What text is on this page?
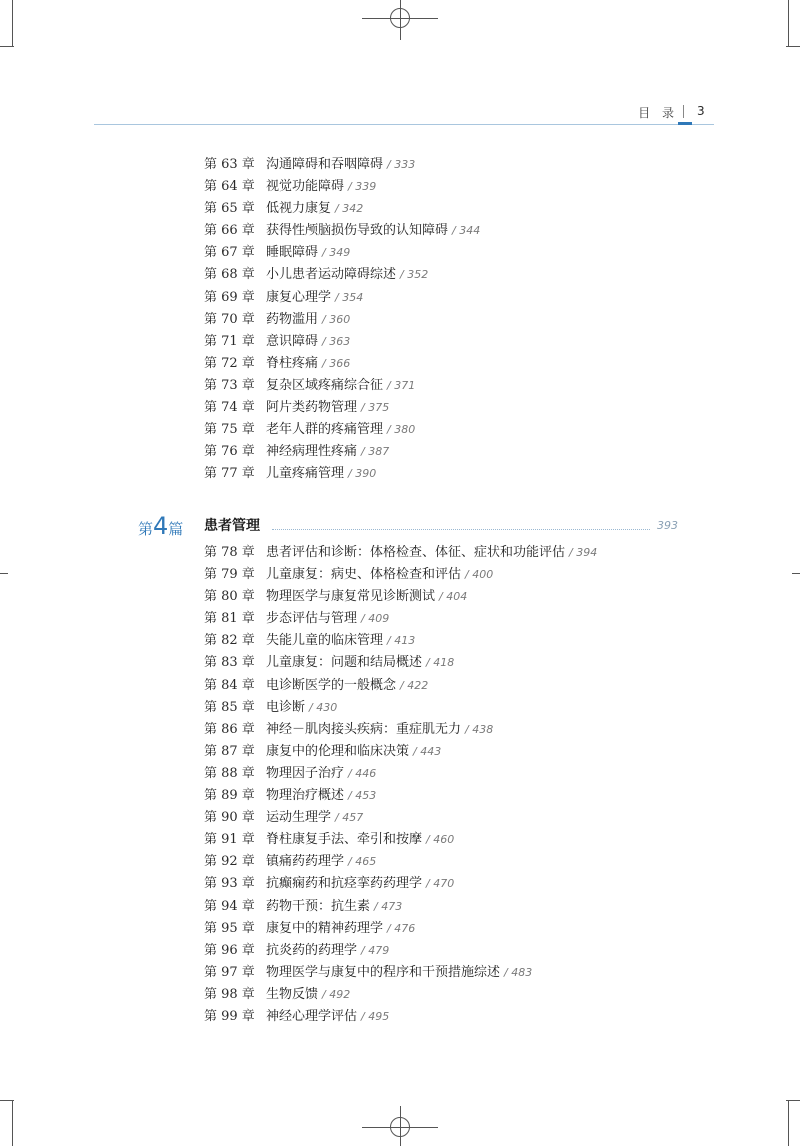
目 录 3
第 63 章 沟通障碍和吞咽障碍 / 333
第 64 章 视觉功能障碍 / 339
第 65 章 低视力康复 / 342
第 66 章 获得性颅脑损伤导致的认知障碍 / 344
第 67 章 睡眠障碍 / 349
第 68 章 小儿患者运动障碍综述 / 352
第 69 章 康复心理学 / 354
第 70 章 药物滥用 / 360
第 71 章 意识障碍 / 363
第 72 章 脊柱疼痛 / 366
第 73 章 复杂区域疼痛综合征 / 371
第 74 章 阿片类药物管理 / 375
第 75 章 老年人群的疼痛管理 / 380
第 76 章 神经病理性疼痛 / 387
第 77 章 儿童疼痛管理 / 390
第4篇 患者管理	393
第 78 章 患者评估和诊断：体格检查、体征、症状和功能评估 / 394
第 79 章 儿童康复：病史、体格检查和评估 / 400
第 80 章 物理医学与康复常见诊断测试 / 404
第 81 章 步态评估与管理 / 409
第 82 章 失能儿童的临床管理 / 413
第 83 章 儿童康复：问题和结局概述 / 418
第 84 章 电诊断医学的一般概念 / 422
第 85 章 电诊断 / 430
第 86 章 神经－肌肉接头疾病：重症肌无力 / 438
第 87 章 康复中的伦理和临床决策 / 443
第 88 章 物理因子治疗 / 446
第 89 章 物理治疗概述 / 453
第 90 章 运动生理学 / 457
第 91 章 脊柱康复手法、牵引和按摩 / 460
第 92 章 镇痛药药理学 / 465
第 93 章 抗癫痫药和抗痉挛药药理学 / 470
第 94 章 药物干预：抗生素 / 473
第 95 章 康复中的精神药理学 / 476
第 96 章 抗炎药的药理学 / 479
第 97 章 物理医学与康复中的程序和干预措施综述 / 483
第 98 章 生物反馈 / 492
第 99 章 神经心理学评估 / 495
